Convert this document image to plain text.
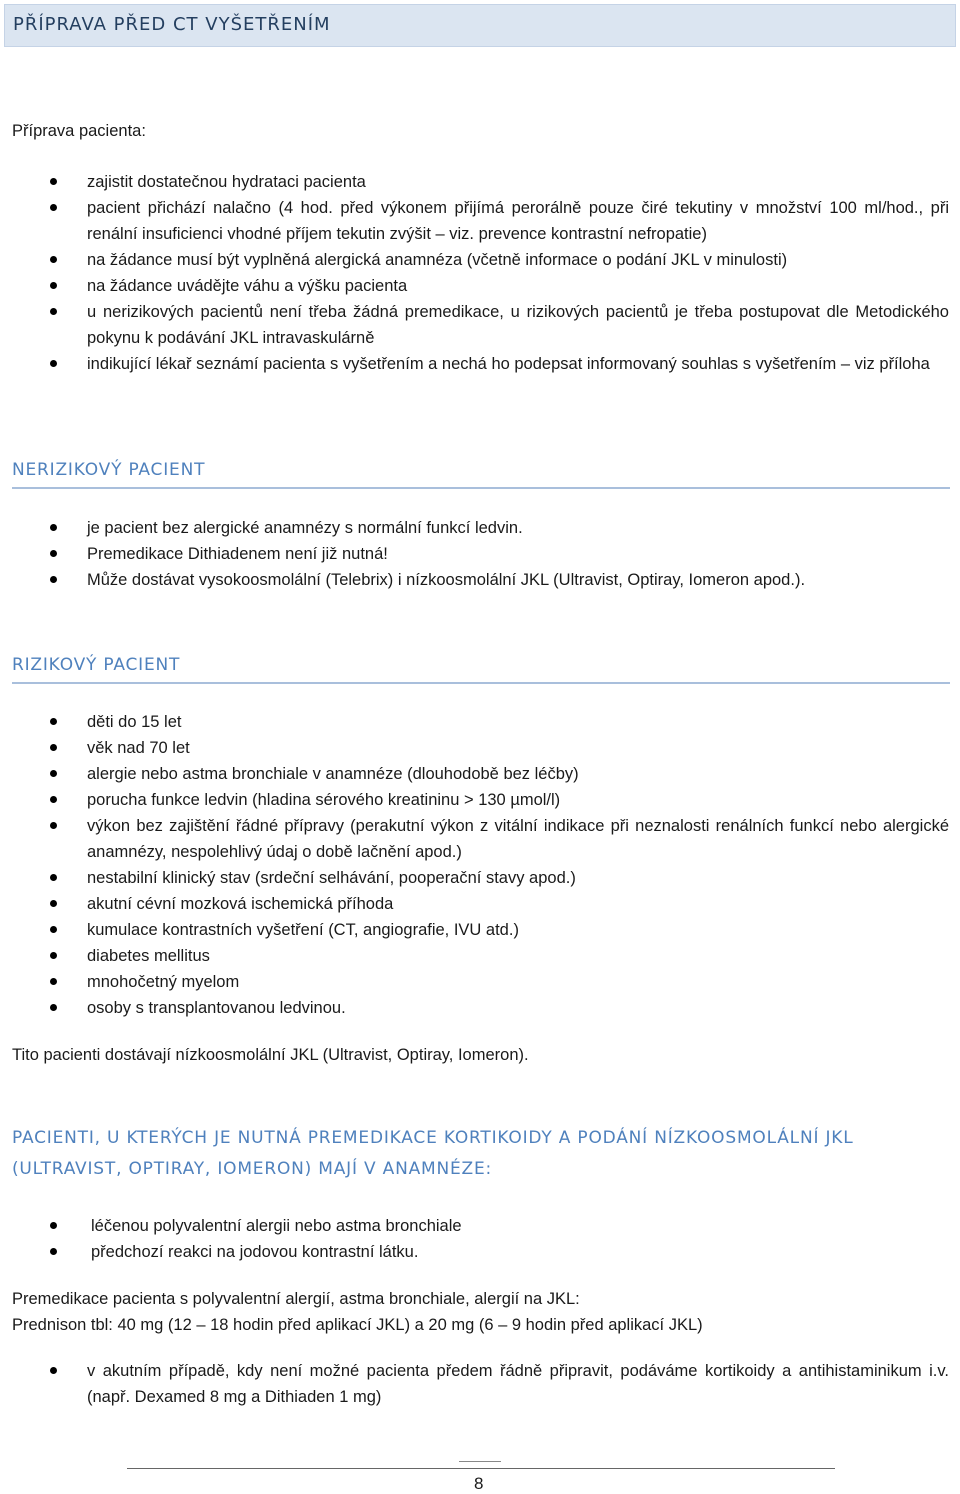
PŘÍPRAVA PŘED CT VYŠETŘENÍM
Příprava pacienta:
zajistit dostatečnou hydrataci pacienta
pacient přichází nalačno (4 hod. před výkonem přijímá perorálně pouze čiré tekutiny v množství 100 ml/hod., při renální insuficienci vhodné příjem tekutin zvýšit – viz. prevence kontrastní nefropatie)
na žádance musí být vyplněná alergická anamnéza (včetně informace o podání JKL v minulosti)
na žádance uvádějte váhu a výšku pacienta
u nerizikových pacientů není třeba žádná premedikace, u rizikových pacientů je třeba postupovat dle Metodického pokynu k podávání JKL intravaskulárně
indikující lékař seznámí pacienta s vyšetřením a nechá ho podepsat informovaný souhlas s vyšetřením – viz příloha
NERIZIKOVÝ PACIENT
je pacient bez alergické anamnézy s normální funkcí ledvin.
Premedikace Dithiadenem není již nutná!
Může dostávat vysokoosmolální (Telebrix) i nízkoosmolální JKL (Ultravist, Optiray, Iomeron apod.).
RIZIKOVÝ PACIENT
děti do 15 let
věk nad 70 let
alergie nebo astma bronchiale v anamnéze (dlouhodobě bez léčby)
porucha funkce ledvin (hladina sérového kreatininu > 130 µmol/l)
výkon bez zajištění řádné přípravy (perakutní výkon z vitální indikace při neznalosti renálních funkcí nebo alergické anamnézy, nespolehlivý údaj o době lačnění apod.)
nestabilní klinický stav (srdeční selhávání, pooperační stavy apod.)
akutní cévní mozková ischemická příhoda
kumulace kontrastních vyšetření (CT, angiografie, IVU atd.)
diabetes mellitus
mnohočetný myelom
osoby s transplantovanou ledvinou.
Tito pacienti dostávají nízkoosmolální JKL (Ultravist, Optiray, Iomeron).
PACIENTI, U KTERÝCH JE NUTNÁ PREMEDIKACE KORTIKOIDY A PODÁNÍ NÍZKOOSMOLÁLNÍ JKL (ULTRAVIST, OPTIRAY, IOMERON) MAJÍ V ANAMNÉZE:
léčenou polyvalentní alergii nebo astma bronchiale
předchozí reakci na jodovou kontrastní látku.
Premedikace pacienta s polyvalentní alergií, astma bronchiale, alergií na JKL:
Prednison tbl: 40 mg (12 – 18 hodin před aplikací JKL) a 20 mg (6 – 9 hodin před aplikací JKL)
v akutním případě, kdy není možné pacienta předem řádně připravit, podáváme kortikoidy a antihistaminikum i.v. (např. Dexamed 8 mg a Dithiaden 1 mg)
8
